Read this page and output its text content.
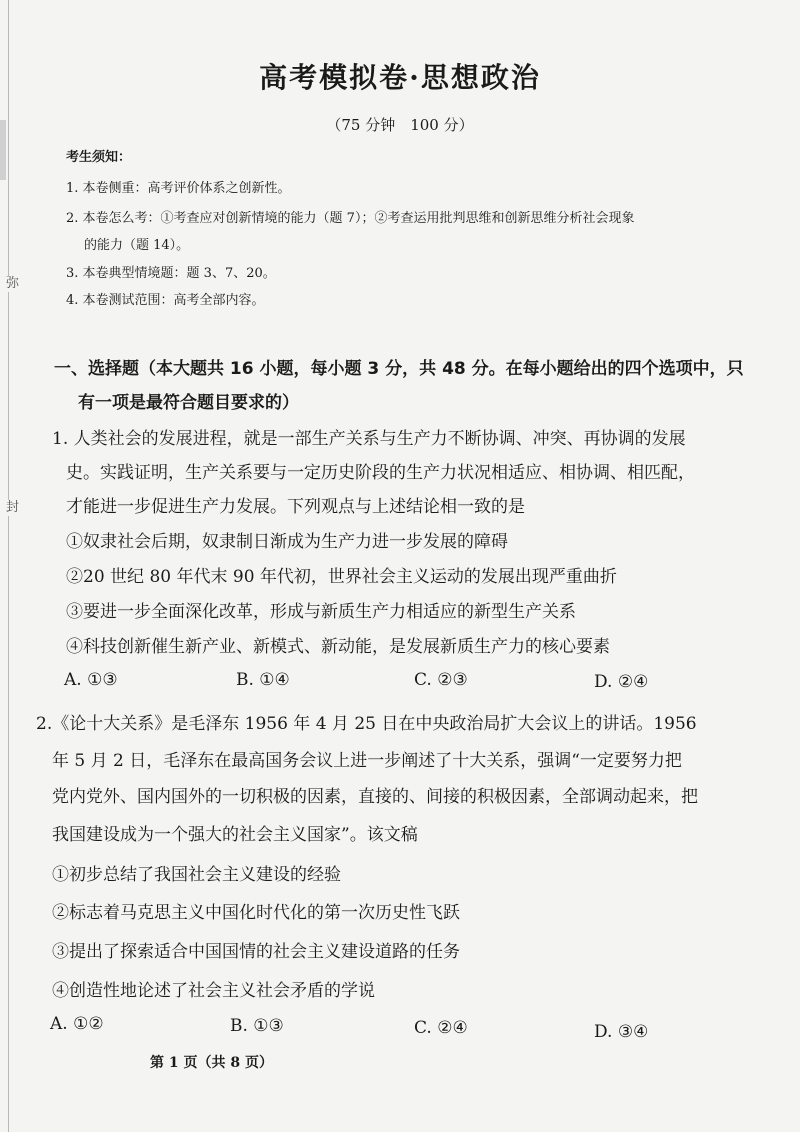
弥
封
高考模拟卷·思想政治
（75 分钟　100 分）
考生须知：
1. 本卷侧重：高考评价体系之创新性。
2. 本卷怎么考：①考查应对创新情境的能力（题 7）；②考查运用批判思维和创新思维分析社会现象
的能力（题 14）。
3. 本卷典型情境题：题 3、7、20。
4. 本卷测试范围：高考全部内容。
一、选择题（本大题共 16 小题，每小题 3 分，共 48 分。在每小题给出的四个选项中，只
有一项是最符合题目要求的）
1. 人类社会的发展进程，就是一部生产关系与生产力不断协调、冲突、再协调的发展
史。实践证明，生产关系要与一定历史阶段的生产力状况相适应、相协调、相匹配，
才能进一步促进生产力发展。下列观点与上述结论相一致的是
①奴隶社会后期，奴隶制日渐成为生产力进一步发展的障碍
②20 世纪 80 年代末 90 年代初，世界社会主义运动的发展出现严重曲折
③要进一步全面深化改革，形成与新质生产力相适应的新型生产关系
④科技创新催生新产业、新模式、新动能，是发展新质生产力的核心要素
A. ①③	B. ①④	C. ②③	D. ②④
2.《论十大关系》是毛泽东 1956 年 4 月 25 日在中央政治局扩大会议上的讲话。1956
年 5 月 2 日，毛泽东在最高国务会议上进一步阐述了十大关系，强调“一定要努力把
党内党外、国内国外的一切积极的因素，直接的、间接的积极因素，全部调动起来，把
我国建设成为一个强大的社会主义国家”。该文稿
①初步总结了我国社会主义建设的经验
②标志着马克思主义中国化时代化的第一次历史性飞跃
③提出了探索适合中国国情的社会主义建设道路的任务
④创造性地论述了社会主义社会矛盾的学说
A. ①②	B. ①③	C. ②④	D. ③④
第 1 页（共 8 页）
